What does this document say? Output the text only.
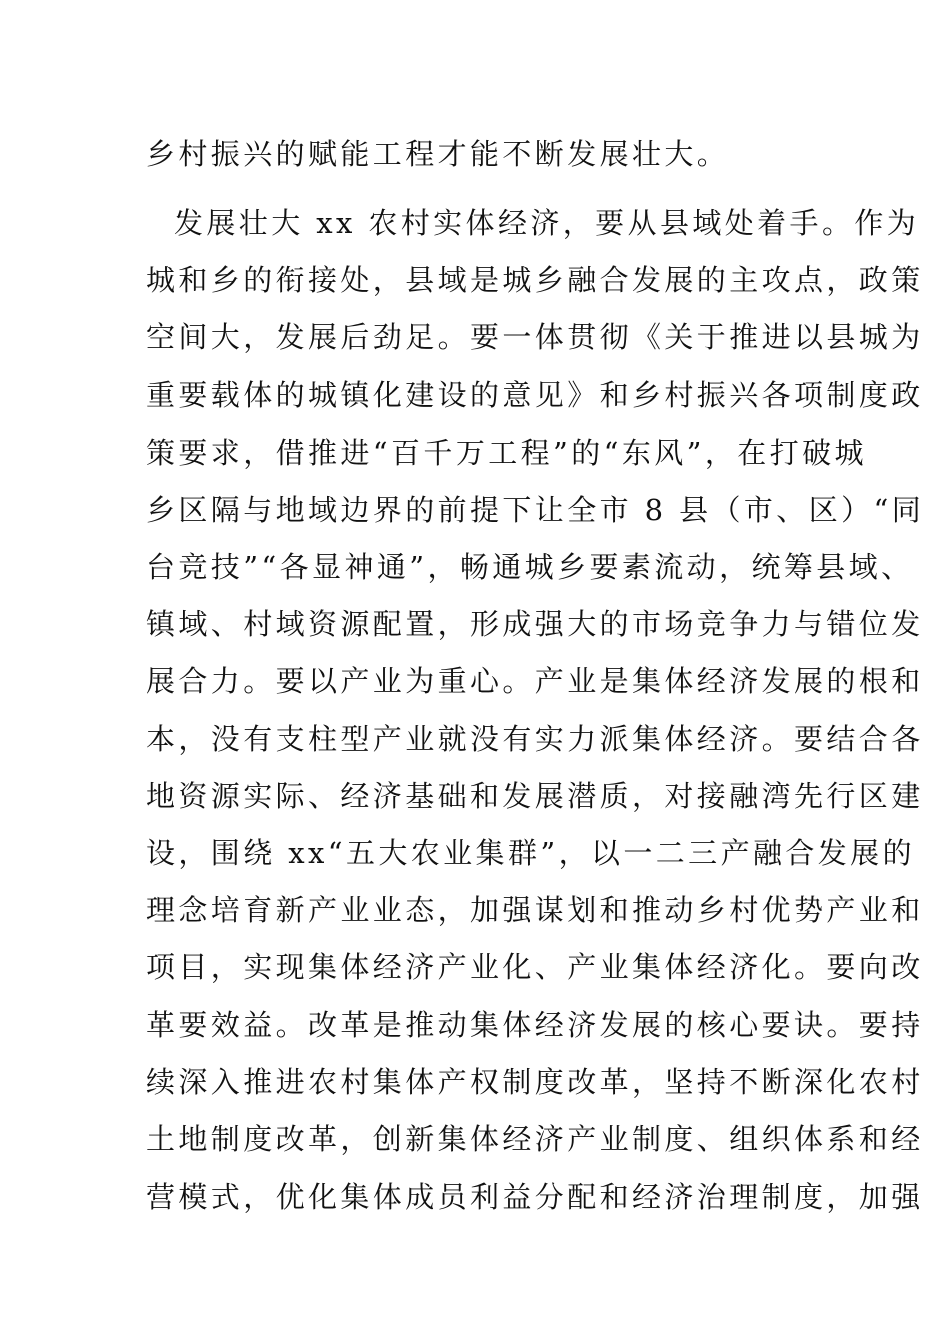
乡村振兴的赋能工程才能不断发展壮大。
发展壮大 xx 农村实体经济，要从县域处着手。作为
城和乡的衔接处，县域是城乡融合发展的主攻点，政策
空间大，发展后劲足。要一体贯彻《关于推进以县城为
重要载体的城镇化建设的意见》和乡村振兴各项制度政
策要求，借推进“百千万工程”的“东风”，在打破城
乡区隔与地域边界的前提下让全市 8 县（市、区）“同
台竞技”“各显神通”，畅通城乡要素流动，统筹县域、
镇域、村域资源配置，形成强大的市场竞争力与错位发
展合力。要以产业为重心。产业是集体经济发展的根和
本，没有支柱型产业就没有实力派集体经济。要结合各
地资源实际、经济基础和发展潜质，对接融湾先行区建
设，围绕 xx“五大农业集群”，以一二三产融合发展的
理念培育新产业业态，加强谋划和推动乡村优势产业和
项目，实现集体经济产业化、产业集体经济化。要向改
革要效益。改革是推动集体经济发展的核心要诀。要持
续深入推进农村集体产权制度改革，坚持不断深化农村
土地制度改革，创新集体经济产业制度、组织体系和经
营模式，优化集体成员利益分配和经济治理制度，加强
